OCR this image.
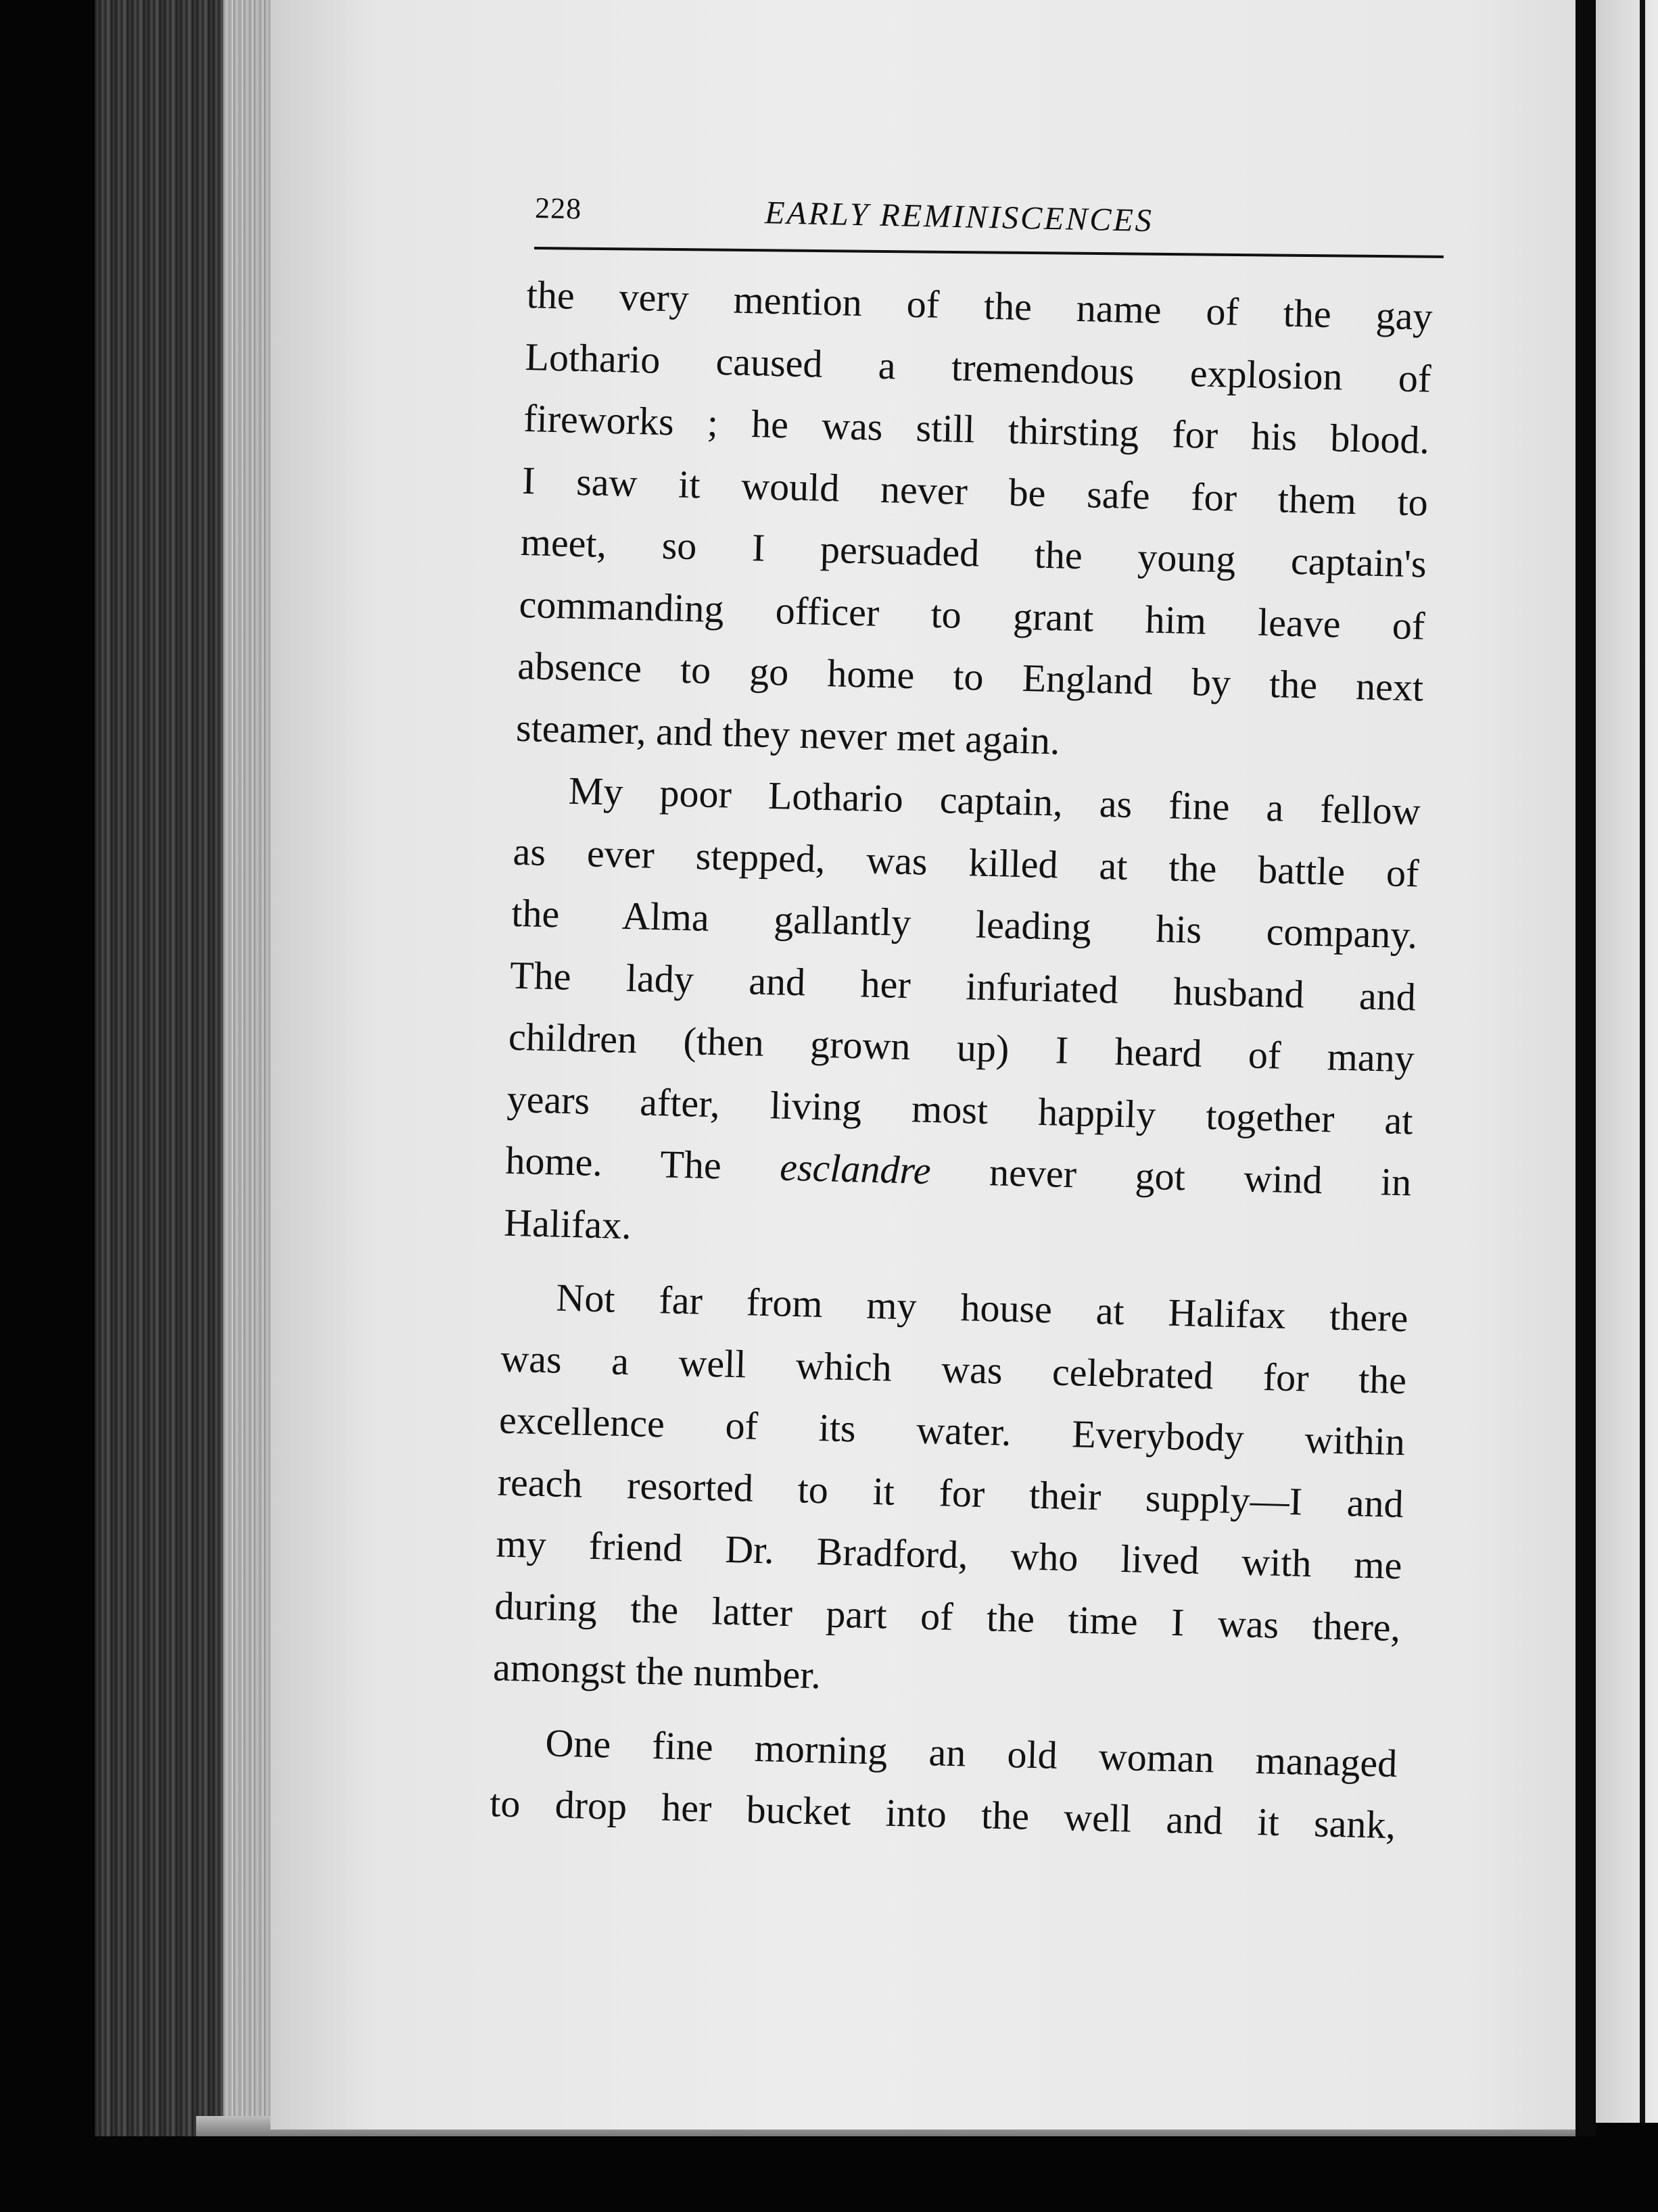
228	EARLY REMINISCENCES
the very mention of the name of the gay
Lothario caused a tremendous explosion of
fireworks ; he was still thirsting for his blood.
I saw it would never be safe for them to
meet, so I persuaded the young captain's
commanding officer to grant him leave of
absence to go home to England by the next
steamer, and they never met again.
My poor Lothario captain, as fine a fellow
as ever stepped, was killed at the battle of
the Alma gallantly leading his company.
The lady and her infuriated husband and
children (then grown up) I heard of many
years after, living most happily together at
home. The esclandre never got wind in
Halifax.
Not far from my house at Halifax there
was a well which was celebrated for the
excellence of its water. Everybody within
reach resorted to it for their supply—I and
my friend Dr. Bradford, who lived with me
during the latter part of the time I was there,
amongst the number.
One fine morning an old woman managed
to drop her bucket into the well and it sank,
